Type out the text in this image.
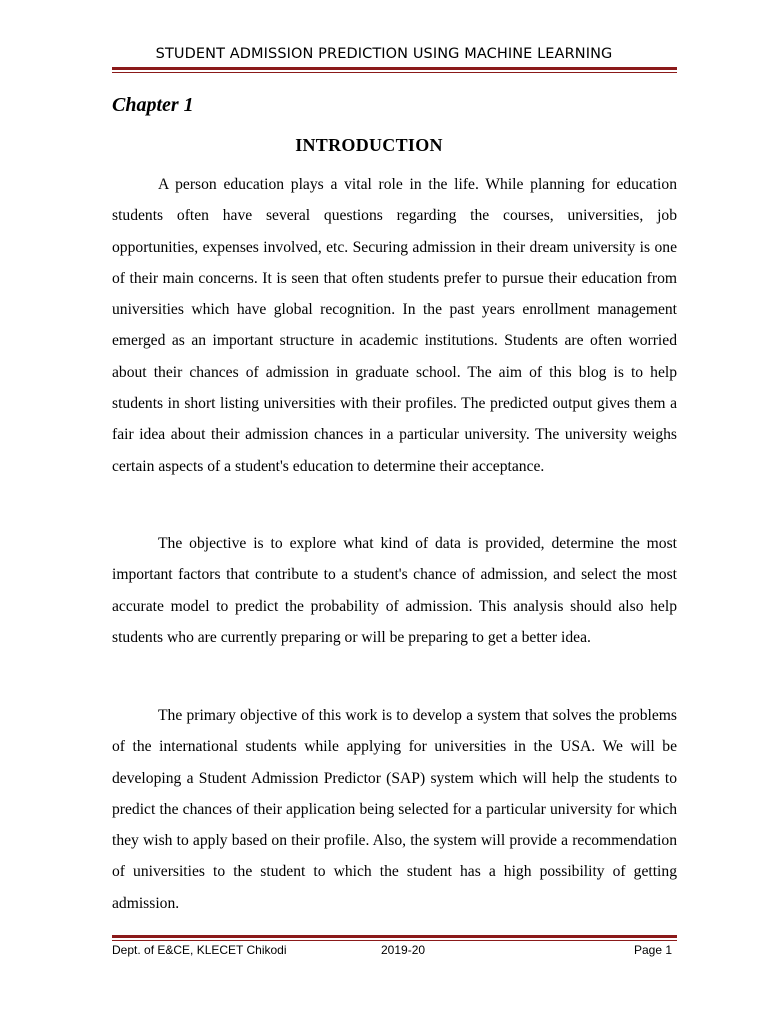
STUDENT ADMISSION PREDICTION USING MACHINE LEARNING
Chapter 1
INTRODUCTION

A person education plays a vital role in the life. While planning for education students often have several questions regarding the courses, universities, job opportunities, expenses involved, etc. Securing admission in their dream university is one of their main concerns. It is seen that often students prefer to pursue their education from universities which have global recognition. In the past years enrollment management emerged as an important structure in academic institutions. Students are often worried about their chances of admission in graduate school. The aim of this blog is to help students in short listing universities with their profiles. The predicted output gives them a fair idea about their admission chances in a particular university. The university weighs certain aspects of a student's education to determine their acceptance.

The objective is to explore what kind of data is provided, determine the most important factors that contribute to a student's chance of admission, and select the most accurate model to predict the probability of admission. This analysis should also help students who are currently preparing or will be preparing to get a better idea.

The primary objective of this work is to develop a system that solves the problems of the international students while applying for universities in the USA. We will be developing a Student Admission Predictor (SAP) system which will help the students to predict the chances of their application being selected for a particular university for which they wish to apply based on their profile. Also, the system will provide a recommendation of universities to the student to which the student has a high possibility of getting admission.

Dept. of E&CE, KLECET Chikodi	2019-20	Page 1
